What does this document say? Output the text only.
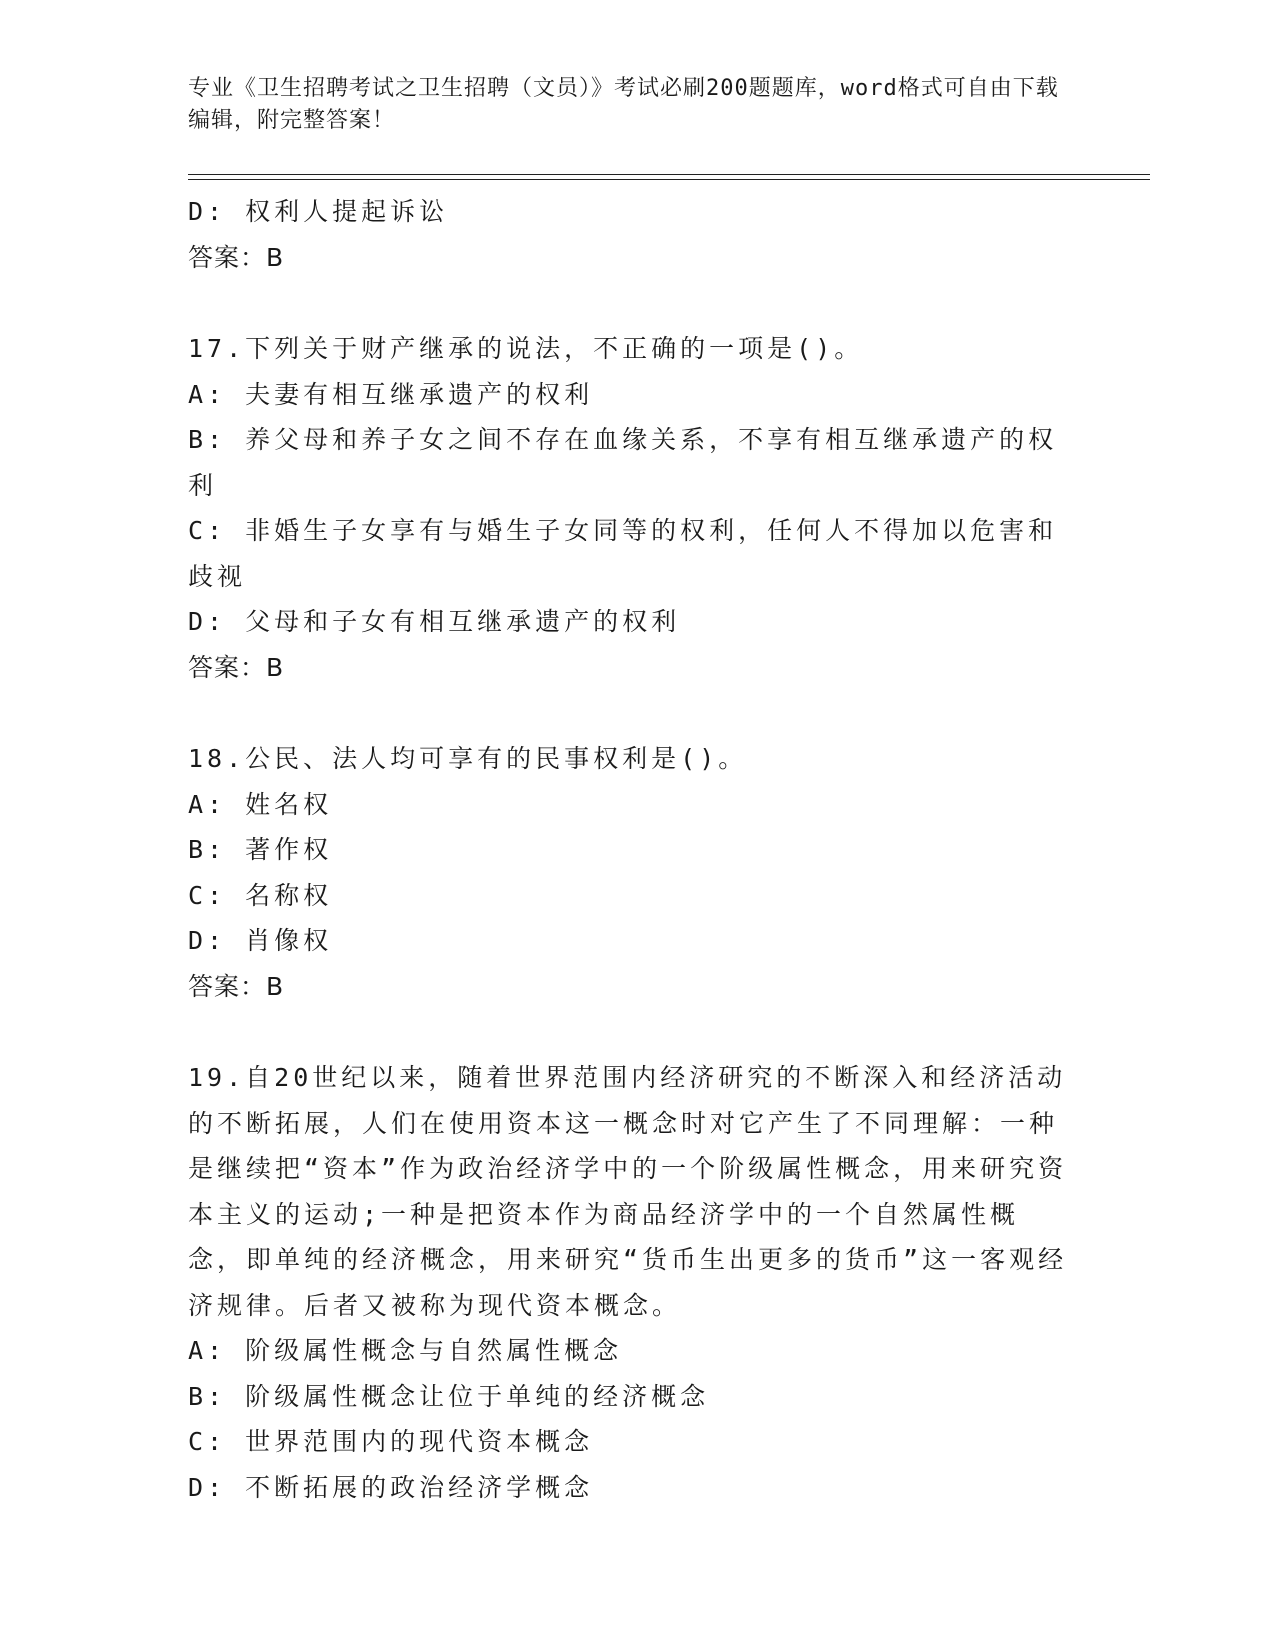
专业《卫生招聘考试之卫生招聘（文员）》考试必刷200题题库，word格式可自由下载编辑，附完整答案！
D: 权利人提起诉讼
答案：B
17.下列关于财产继承的说法，不正确的一项是()。
A: 夫妻有相互继承遗产的权利
B: 养父母和养子女之间不存在血缘关系，不享有相互继承遗产的权利
C: 非婚生子女享有与婚生子女同等的权利，任何人不得加以危害和歧视
D: 父母和子女有相互继承遗产的权利
答案：B
18.公民、法人均可享有的民事权利是()。
A: 姓名权
B: 著作权
C: 名称权
D: 肖像权
答案：B
19.自20世纪以来，随着世界范围内经济研究的不断深入和经济活动的不断拓展，人们在使用资本这一概念时对它产生了不同理解：一种是继续把“资本”作为政治经济学中的一个阶级属性概念，用来研究资本主义的运动;一种是把资本作为商品经济学中的一个自然属性概念，即单纯的经济概念，用来研究“货币生出更多的货币”这一客观经济规律。后者又被称为现代资本概念。
A: 阶级属性概念与自然属性概念
B: 阶级属性概念让位于单纯的经济概念
C: 世界范围内的现代资本概念
D: 不断拓展的政治经济学概念
